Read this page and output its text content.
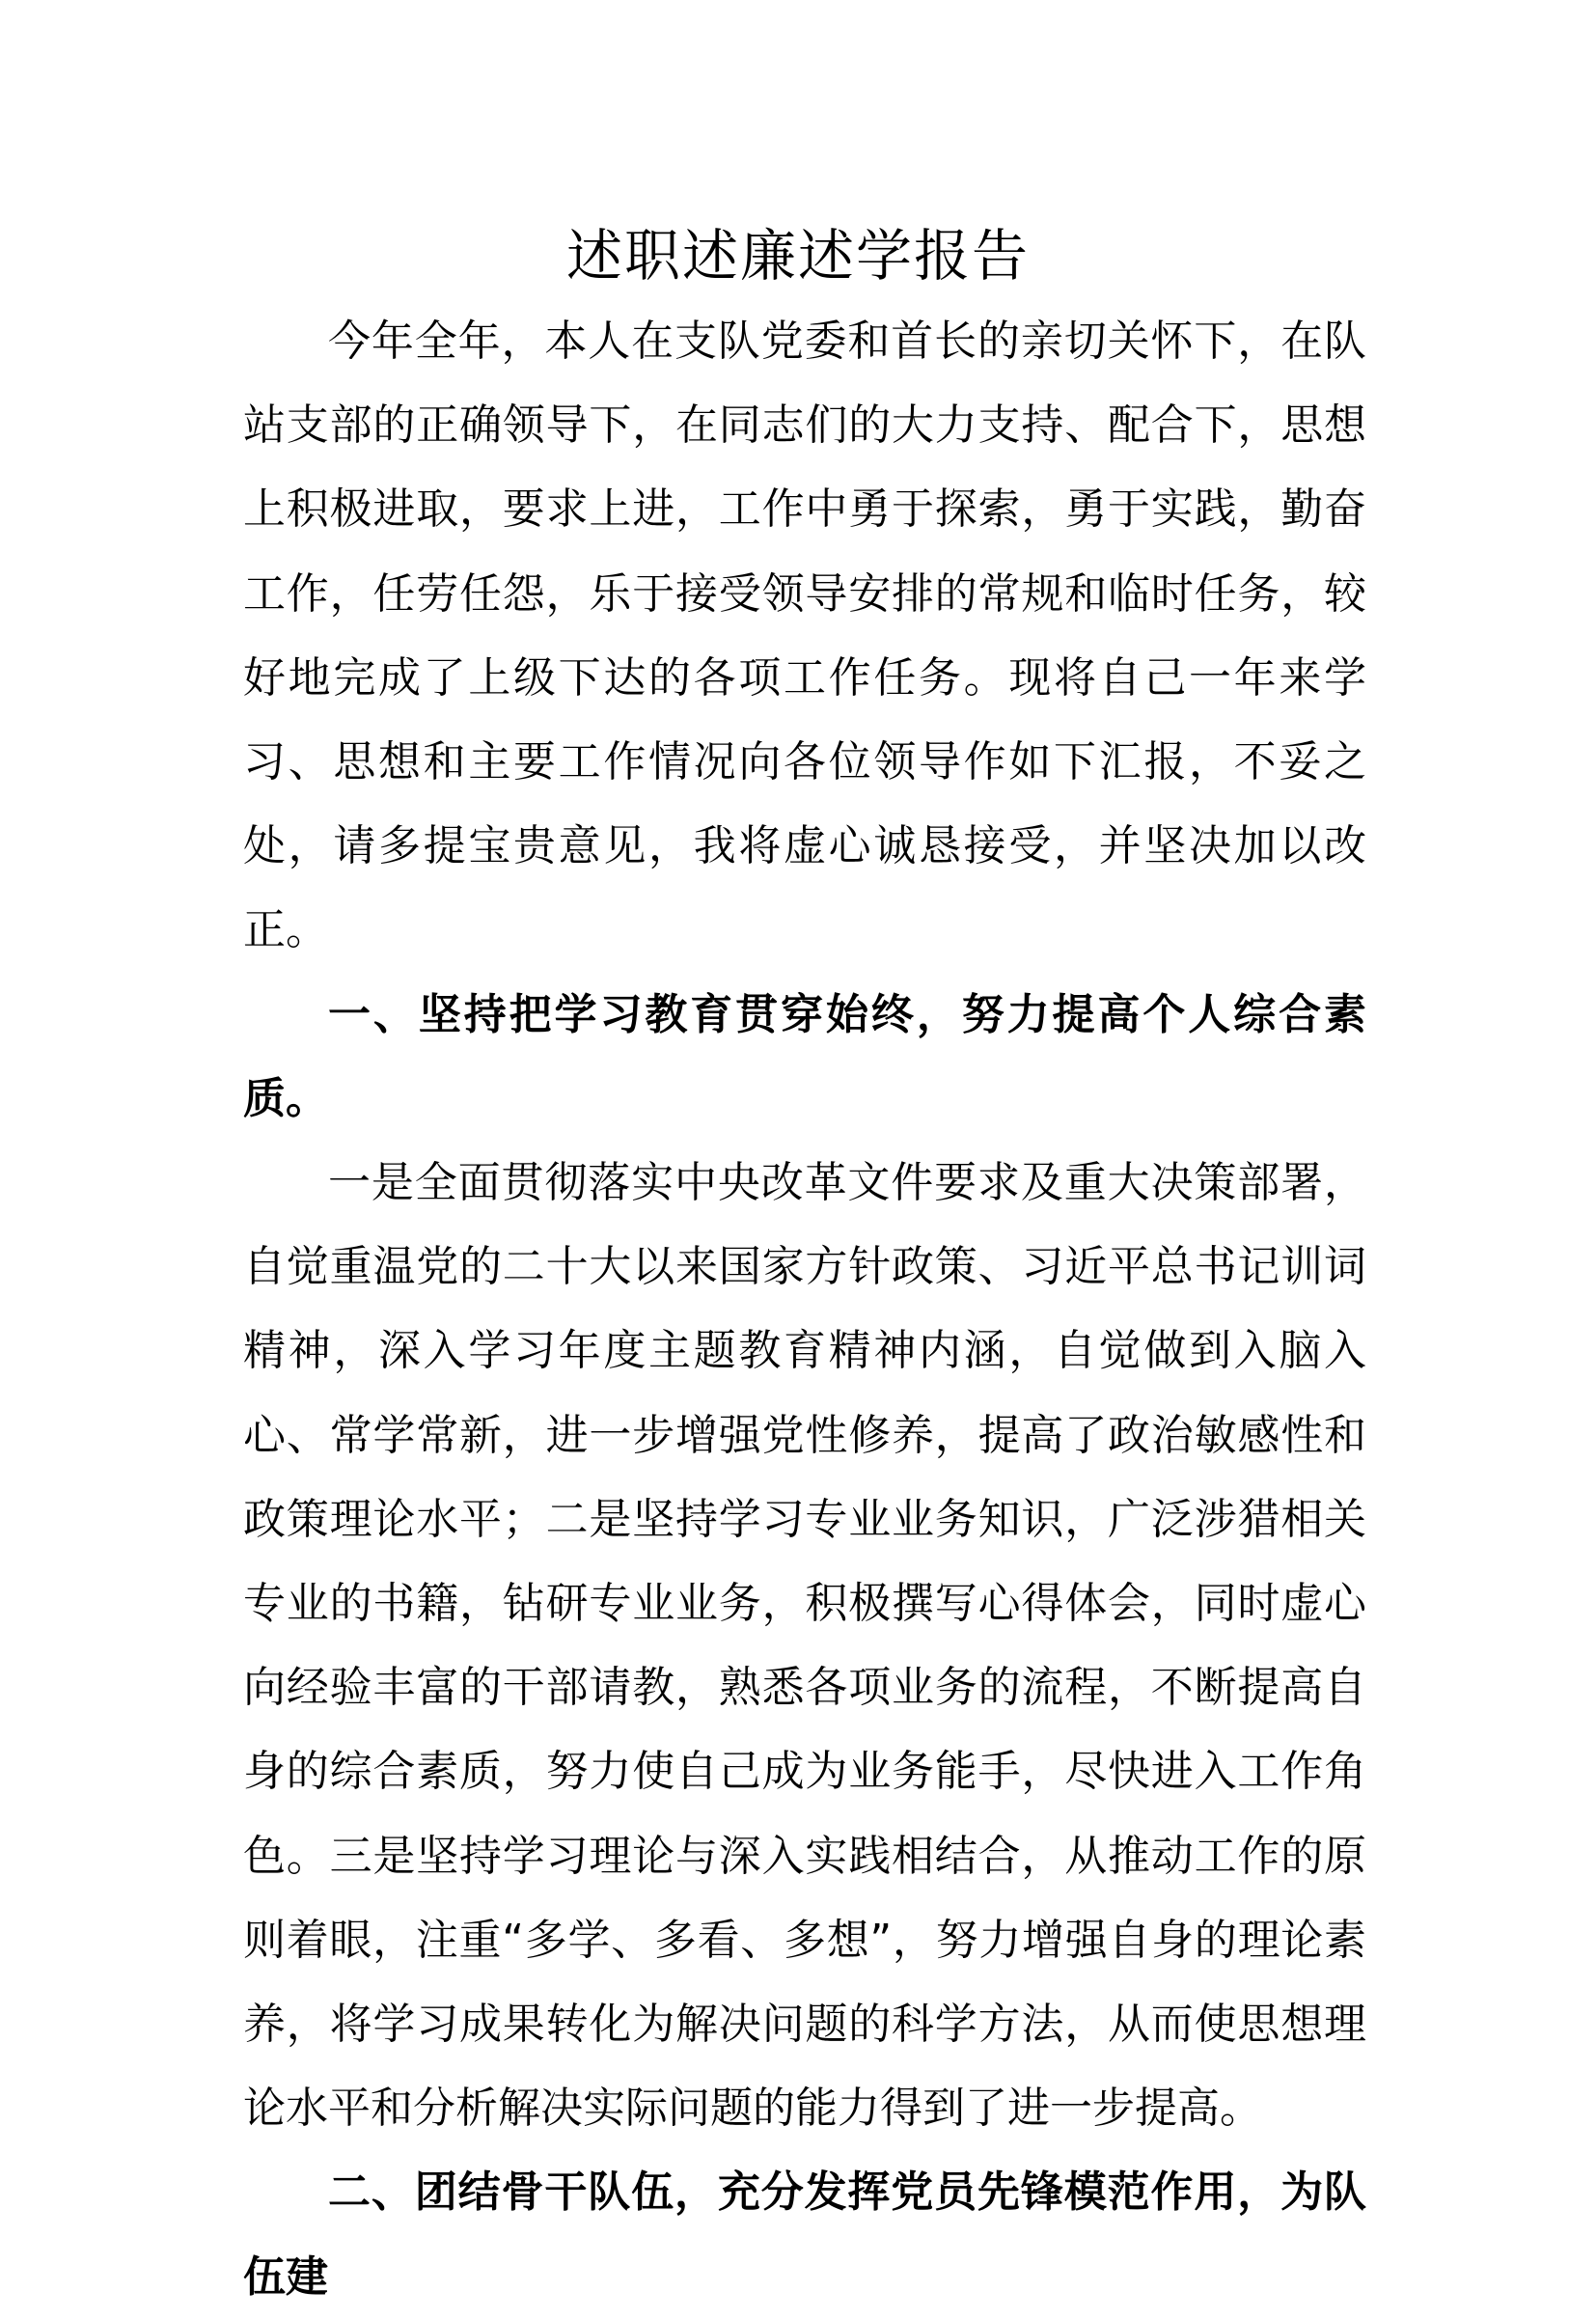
述职述廉述学报告

今年全年，本人在支队党委和首长的亲切关怀下，在队站支部的正确领导下，在同志们的大力支持、配合下，思想上积极进取，要求上进，工作中勇于探索，勇于实践，勤奋工作，任劳任怨，乐于接受领导安排的常规和临时任务，较好地完成了上级下达的各项工作任务。现将自己一年来学习、思想和主要工作情况向各位领导作如下汇报，不妥之处，请多提宝贵意见，我将虚心诚恳接受，并坚决加以改正。

一、坚持把学习教育贯穿始终，努力提高个人综合素质。

一是全面贯彻落实中央改革文件要求及重大决策部署，自觉重温党的二十大以来国家方针政策、习近平总书记训词精神，深入学习年度主题教育精神内涵，自觉做到入脑入心、常学常新，进一步增强党性修养，提高了政治敏感性和政策理论水平；二是坚持学习专业业务知识，广泛涉猎相关专业的书籍，钻研专业业务，积极撰写心得体会，同时虚心向经验丰富的干部请教，熟悉各项业务的流程，不断提高自身的综合素质，努力使自己成为业务能手，尽快进入工作角色。三是坚持学习理论与深入实践相结合，从推动工作的原则着眼，注重“多学、多看、多想”，努力增强自身的理论素养，将学习成果转化为解决问题的科学方法，从而使思想理论水平和分析解决实际问题的能力得到了进一步提高。

二、团结骨干队伍，充分发挥党员先锋模范作用，为队伍建
